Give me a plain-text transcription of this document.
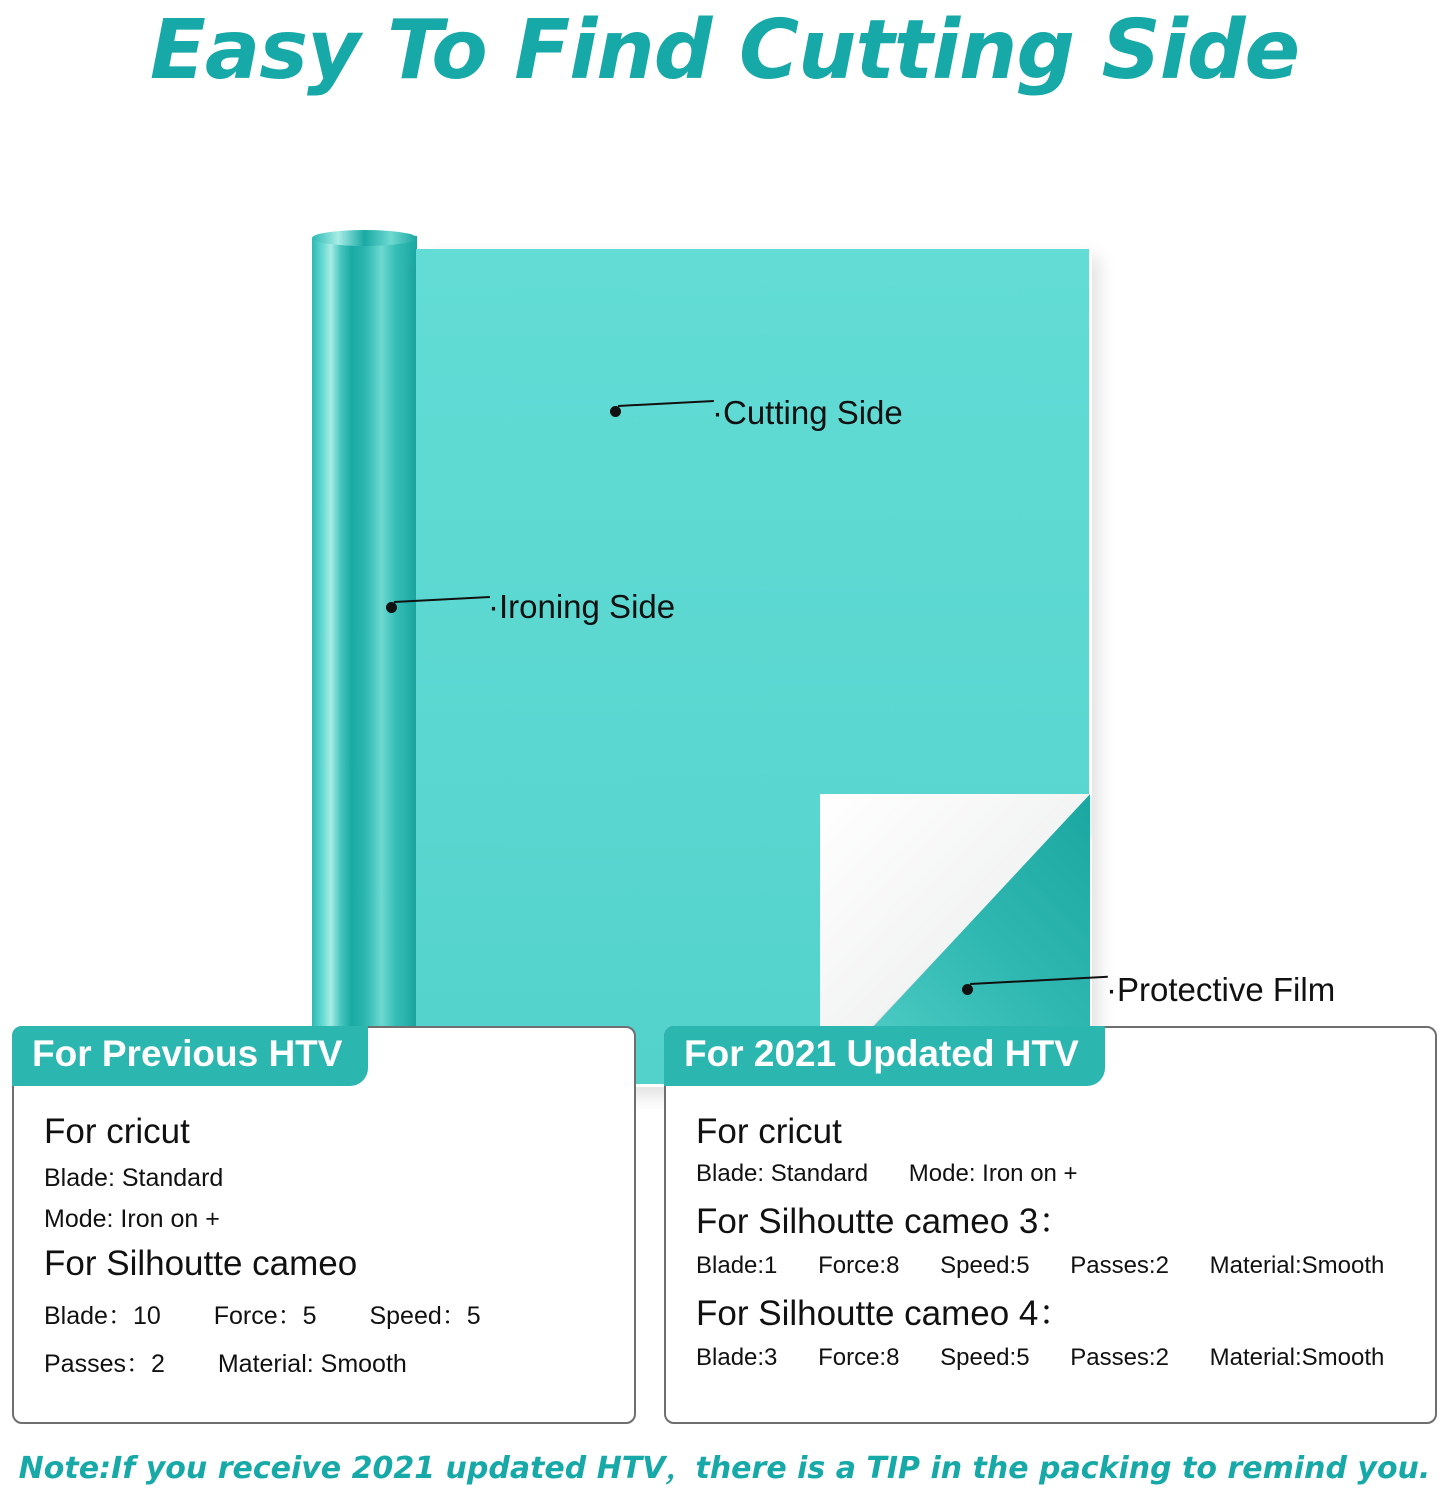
Easy To Find Cutting Side
·Cutting Side
·Ironing Side
·Protective Film
For Previous HTV
For cricut
Blade: Standard
Mode: Iron on +
For Silhoutte cameo
Blade：10 Force：5 Speed：5
Passes：2 Material: Smooth
For 2021 Updated HTV
For cricut
Blade: Standard Mode: Iron on +
For Silhoutte cameo 3：
Blade:1 Force:8 Speed:5 Passes:2 Material:Smooth
For Silhoutte cameo 4：
Blade:3 Force:8 Speed:5 Passes:2 Material:Smooth
Note:If you receive 2021 updated HTV，there is a TIP in the packing to remind you.
